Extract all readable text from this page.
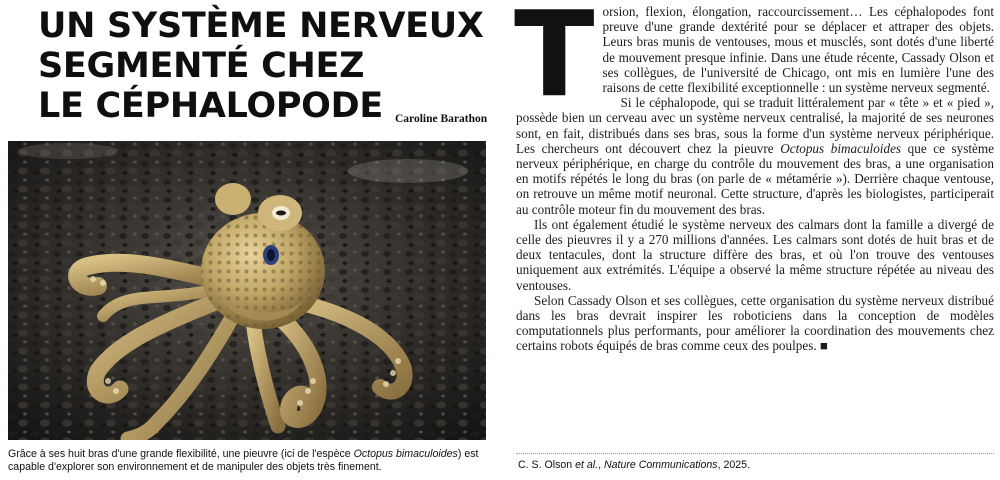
UN SYSTÈME NERVEUX
SEGMENTÉ CHEZ
LE CÉPHALOPODE	Caroline Barathon

Grâce à ses huit bras d'une grande flexibilité, une pieuvre (ici de l'espèce Octopus bimaculoides) est capable d'explorer son environnement et de manipuler des objets très finement.

Torsion, flexion, élongation, raccourcissement… Les céphalopodes font preuve d'une grande dextérité pour se déplacer et attraper des objets. Leurs bras munis de ventouses, mous et musclés, sont dotés d'une liberté de mouvement presque infinie. Dans une étude récente, Cassady Olson et ses collègues, de l'université de Chicago, ont mis en lumière l'une des raisons de cette flexibilité exceptionnelle : un système nerveux segmenté.

Si le céphalopode, qui se traduit littéralement par « tête » et « pied », possède bien un cerveau avec un système nerveux centralisé, la majorité de ses neurones sont, en fait, distribués dans ses bras, sous la forme d'un système nerveux périphérique. Les chercheurs ont découvert chez la pieuvre Octopus bimaculoides que ce système nerveux périphérique, en charge du contrôle du mouvement des bras, a une organisation en motifs répétés le long du bras (on parle de « métamérie »). Derrière chaque ventouse, on retrouve un même motif neuronal. Cette structure, d'après les biologistes, participerait au contrôle moteur fin du mouvement des bras.

Ils ont également étudié le système nerveux des calmars dont la famille a divergé de celle des pieuvres il y a 270 millions d'années. Les calmars sont dotés de huit bras et de deux tentacules, dont la structure diffère des bras, et où l'on trouve des ventouses uniquement aux extrémités. L'équipe a observé la même structure répétée au niveau des ventouses.

Selon Cassady Olson et ses collègues, cette organisation du système nerveux distribué dans les bras devrait inspirer les roboticiens dans la conception de modèles computationnels plus performants, pour améliorer la coordination des mouvements chez certains robots équipés de bras comme ceux des poulpes. ■

C. S. Olson et al., Nature Communications, 2025.
